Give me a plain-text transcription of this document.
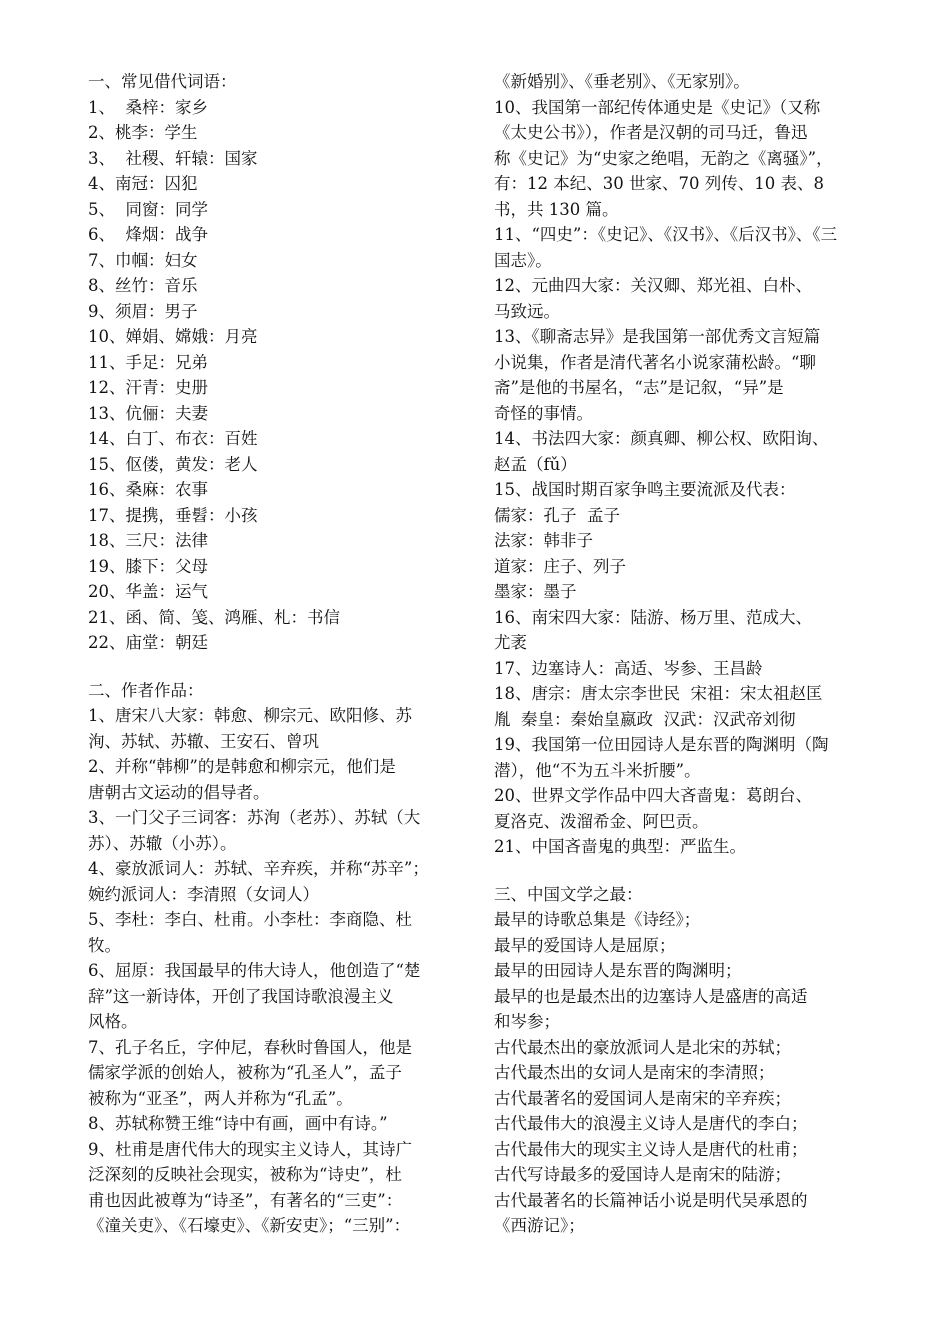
一、常见借代词语：
1、  桑梓：家乡
2、桃李：学生
3、  社稷、轩辕：国家
4、南冠：囚犯
5、  同窗：同学
6、  烽烟：战争
7、巾帼：妇女
8、丝竹：音乐
9、须眉：男子
10、婵娟、嫦娥：月亮
11、手足：兄弟
12、汗青：史册
13、伉俪：夫妻
14、白丁、布衣：百姓
15、伛偻，黄发：老人
16、桑麻：农事
17、提携，垂髫：小孩
18、三尺：法律
19、膝下：父母
20、华盖：运气
21、函、简、笺、鸿雁、札：书信
22、庙堂：朝廷
二、作者作品：
1、唐宋八大家：韩愈、柳宗元、欧阳修、苏
洵、苏轼、苏辙、王安石、曾巩
2、并称“韩柳”的是韩愈和柳宗元，他们是
唐朝古文运动的倡导者。
3、一门父子三词客：苏洵（老苏）、苏轼（大
苏）、苏辙（小苏）。
4、豪放派词人：苏轼、辛弃疾，并称“苏辛”；
婉约派词人：李清照（女词人）
5、李杜：李白、杜甫。小李杜：李商隐、杜
牧。
6、屈原：我国最早的伟大诗人，他创造了“楚
辞”这一新诗体，开创了我国诗歌浪漫主义
风格。
7、孔子名丘，字仲尼，春秋时鲁国人，他是
儒家学派的创始人，被称为“孔圣人”，孟子
被称为“亚圣”，两人并称为“孔孟”。
8、苏轼称赞王维“诗中有画，画中有诗。”
9、杜甫是唐代伟大的现实主义诗人，其诗广
泛深刻的反映社会现实，被称为“诗史”，杜
甫也因此被尊为“诗圣”，有著名的“三吏”：
《潼关吏》、《石壕吏》、《新安吏》；“三别”：
《新婚别》、《垂老别》、《无家别》。
10、我国第一部纪传体通史是《史记》（又称
《太史公书》），作者是汉朝的司马迁，鲁迅
称《史记》为“史家之绝唱，无韵之《离骚》”，
有：12 本纪、30 世家、70 列传、10 表、8
书，共 130 篇。
11、“四史”：《史记》、《汉书》、《后汉书》、《三
国志》。
12、元曲四大家：关汉卿、郑光祖、白朴、
马致远。
13、《聊斋志异》是我国第一部优秀文言短篇
小说集，作者是清代著名小说家蒲松龄。“聊
斋”是他的书屋名，“志”是记叙，“异”是
奇怪的事情。
14、书法四大家：颜真卿、柳公权、欧阳询、
赵孟（fǔ）
15、战国时期百家争鸣主要流派及代表：
儒家：孔子  孟子
法家：韩非子
道家：庄子、列子
墨家：墨子
16、南宋四大家：陆游、杨万里、范成大、
尤袤
17、边塞诗人：高适、岑参、王昌龄
18、唐宗：唐太宗李世民  宋祖：宋太祖赵匡
胤  秦皇：秦始皇嬴政  汉武：汉武帝刘彻
19、我国第一位田园诗人是东晋的陶渊明（陶
潜），他“不为五斗米折腰”。
20、世界文学作品中四大吝啬鬼：葛朗台、
夏洛克、泼溜希金、阿巴贡。
21、中国吝啬鬼的典型：严监生。
三、中国文学之最：
最早的诗歌总集是《诗经》；
最早的爱国诗人是屈原；
最早的田园诗人是东晋的陶渊明；
最早的也是最杰出的边塞诗人是盛唐的高适
和岑参；
古代最杰出的豪放派词人是北宋的苏轼；
古代最杰出的女词人是南宋的李清照；
古代最著名的爱国词人是南宋的辛弃疾；
古代最伟大的浪漫主义诗人是唐代的李白；
古代最伟大的现实主义诗人是唐代的杜甫；
古代写诗最多的爱国诗人是南宋的陆游；
古代最著名的长篇神话小说是明代吴承恩的
《西游记》；
